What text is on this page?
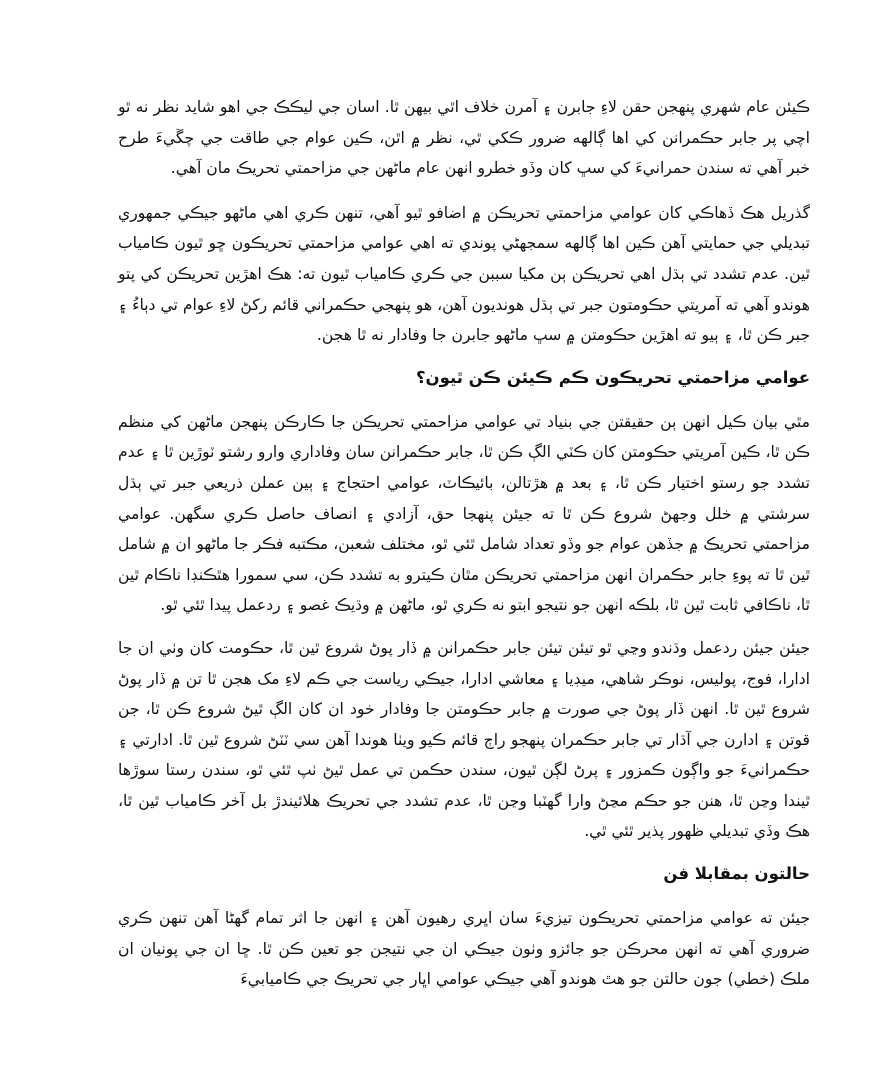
ڪيئن عام شهري پنهجن حقن لاءِ جابرن ۽ آمرن خلاف اٿي بيهن ٿا. اسان جي ليڪڪ جي اهو شايد نظر نه ٿو اچي پر جابر حڪمرانن کي اها ڳالهه ضرور ڪکي ٿي، نظر ۾ اٿن، ڪين عوام جي طاقت جي چڱيءَ طرح خبر آهي ته سندن حمرانيءَ کي سڀ کان وڏو خطرو انهن عام ماڻهن جي مزاحمتي تحريڪ مان آهي.

گذريل هڪ ڏهاڪي کان عوامي مزاحمتي تحريڪن ۾ اضافو ٿيو آهي، تنهن ڪري اهي ماڻهو جيڪي جمهوري تبديلي جي حمايتي آهن ڪين اها ڳالهه سمجهڻي پوندي ته اهي عوامي مزاحمتي تحريڪون ڇو ٿيون ڪامياب ٿين. عدم تشدد تي ٻڌل اهي تحريڪن ٻن مکيا سببن جي ڪري ڪامياب ٿيون ته: هڪ اهڙين تحريڪن کي پتو هوندو آهي ته آمريتي حڪومتون جبر تي ٻڌل هونديون آهن، هو پنهجي حڪمراني قائم رکڻ لاءِ عوام تي دٻاءُ ۽ جبر ڪن ٿا، ۽ ٻيو ته اهڙين حڪومتن ۾ سڀ ماڻهو جابرن جا وفادار نه ٿا هجن.

عوامي مزاحمتي تحريڪون ڪم ڪيئن ڪن ٿيون؟

مٿي بيان ڪيل انهن ٻن حقيقتن جي بنياد تي عوامي مزاحمتي تحريڪن جا ڪارڪن پنهجن ماڻهن کي منظم ڪن ٿا، ڪين آمريتي حڪومتن کان ڪٽي الڳ ڪن ٿا، جابر حڪمرانن سان وفاداري وارو رشتو ٽوڙين ٿا ۽ عدم تشدد جو رستو اختيار ڪن ٿا، ۽ بعد ۾ هڙتالن، بائيڪاٽ، عوامي احتجاج ۽ ٻين عملن ذريعي جبر تي ٻڌل سرشتي ۾ خلل وجهڻ شروع ڪن ٿا ته جيئن پنهجا حق، آزادي ۽ انصاف حاصل ڪري سگهن. عوامي مزاحمتي تحريڪ ۾ جڏهن عوام جو وڏو تعداد شامل ٿئي ٿو، مختلف شعبن، مڪتبه فڪر جا ماڻهو ان ۾ شامل ٿين ٿا ته پوءِ جابر حڪمران انهن مزاحمتي تحريڪن مٿان ڪيترو به تشدد ڪن، سي سمورا هٿڪنڊا ناڪام ٿين ٿا، ناڪافي ثابت ٿين ٿا، بلڪه انهن جو نتيجو ابتو نه ڪري ٿو، ماڻهن ۾ وڌيڪ غصو ۽ ردعمل پيدا ٿئي ٿو.

جيئن جيئن ردعمل وڌندو وڃي ٿو تيئن تيئن جابر حڪمرانن ۾ ڏار پوڻ شروع ٿين ٿا، حڪومت کان وٺي ان جا ادارا، فوج، پوليس، نوڪر شاهي، ميڊيا ۽ معاشي ادارا، جيڪي رياست جي ڪم لاءِ مک هجن ٿا تن ۾ ڏار پوڻ شروع ٿين ٿا. انهن ڏار پوڻ جي صورت ۾ جابر حڪومتن جا وفادار خود ان کان الڳ ٿيڻ شروع ڪن ٿا، جن قوتن ۽ ادارن جي آڌار تي جابر حڪمران پنهجو راڄ قائم ڪيو ويٺا هوندا آهن سي ٽٽڻ شروع ٿين ٿا. ادارتي ۽ حڪمرانيءَ جو واڳون ڪمزور ۽ پرڻ لڳن ٿيون، سندن حڪمن تي عمل ٿيڻ ٺپ ٿئي ٿو، سندن رستا سوڙها ٿيندا وڃن ٿا، هنن جو حڪم مڃڻ وارا گهٽبا وڃن ٿا، عدم تشدد جي تحريڪ هلائيندڙ بل آخر ڪامياب ٿين ٿا، هڪ وڏي تبديلي ظهور پذير ٿئي ٿي.

حالتون بمقابلا فن

جيئن ته عوامي مزاحمتي تحريڪون تيزيءَ سان اڀري رهيون آهن ۽ انهن جا اثر تمام گهڻا آهن تنهن ڪري ضروري آهي ته انهن محرڪن جو جائزو وٺون جيڪي ان جي نتيجن جو تعين ڪن ٿا. ڇا ان جي پونيان ان ملڪ (خطي) جون حالتن جو هٿ هوندو آهي جيڪي عوامي اڀار جي تحريڪ جي ڪاميابيءَ
